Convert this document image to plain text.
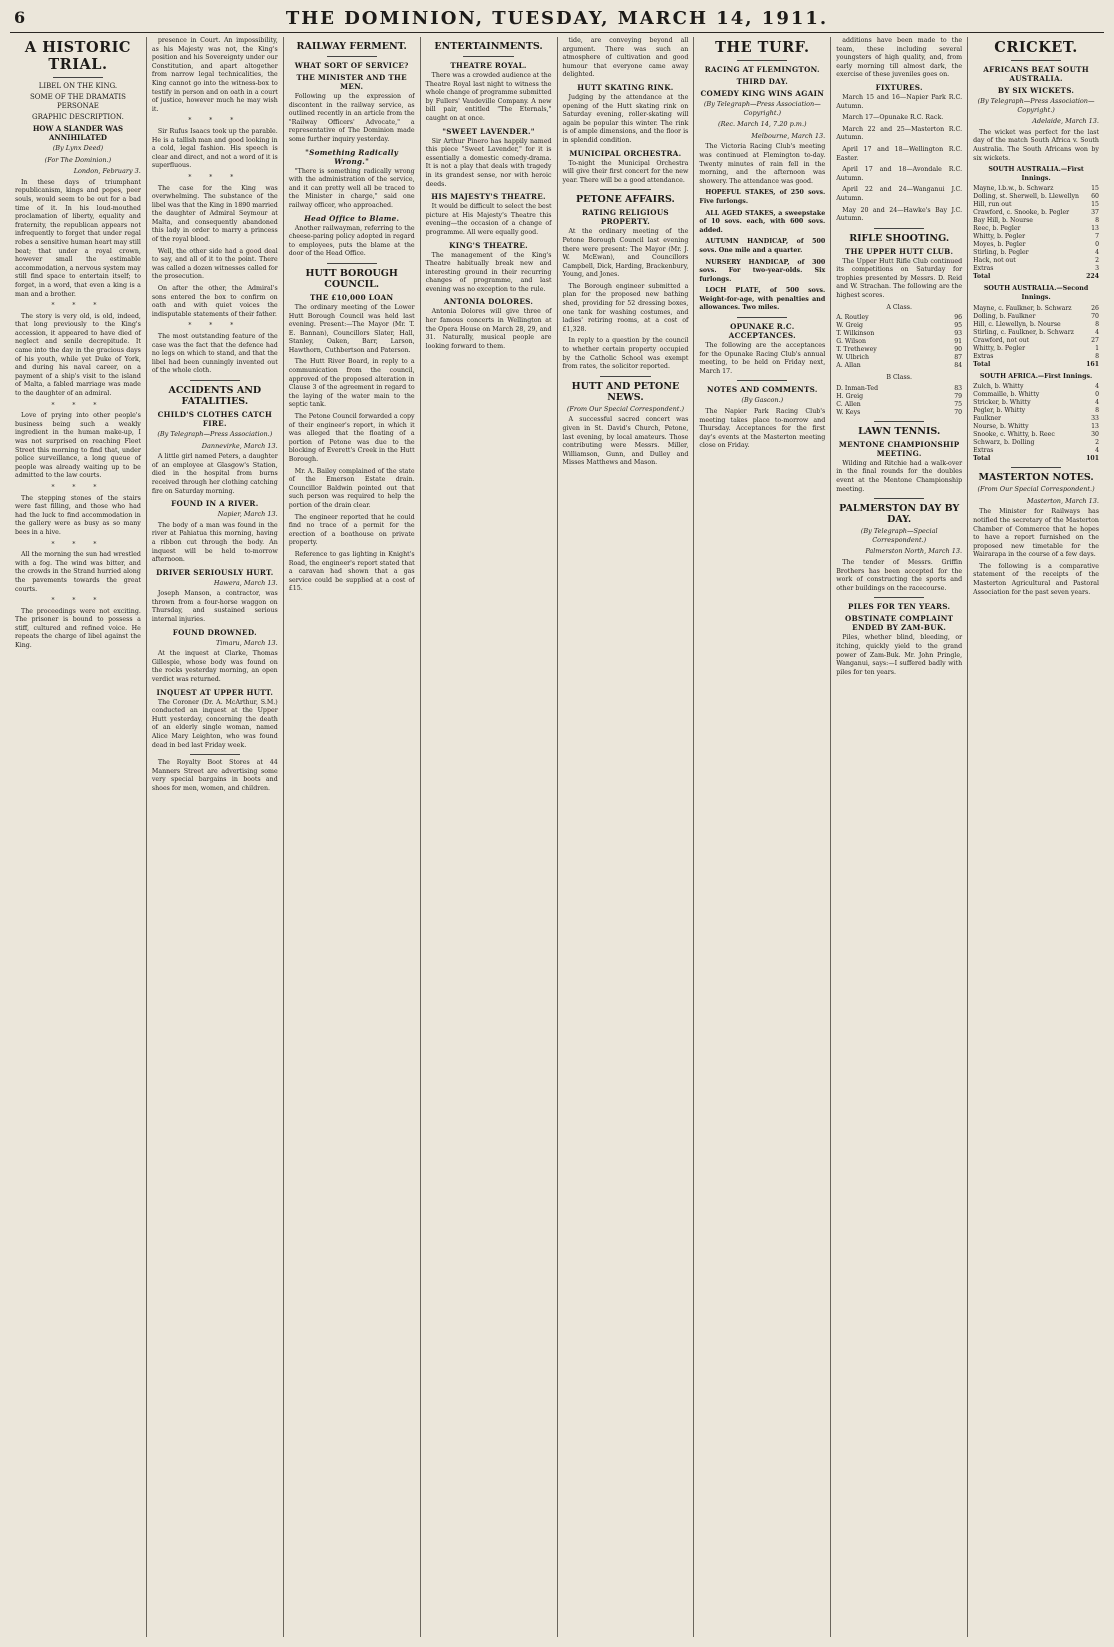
6	THE DOMINION, TUESDAY, MARCH 14, 1911.
A HISTORIC TRIAL.
LIBEL ON THE KING.
SOME OF THE DRAMATIS PERSONAE
GRAPHIC DESCRIPTION.
HOW A SLANDER WAS ANNIHILATED
(By Lynx Deed)
(For The Dominion.)
London, February 3.

In these days of triumphant republicanism, kings and popes, peer souls, would seem to be out for a bad time of it. In his loud-mouthed proclamation of liberty, equality and fraternity, the republican appears not infrequently to forget that under regal robes a sensitive human heart may still beat; that under a royal crown, however small the estimable accommodation, a nervous system may still find space to entertain itself; to forget, in a word, that even a king is a man and a brother.

* * *

The story is very old, is old, indeed, that long previously to the King's accession, it appeared to have died of neglect and senile decrepitude. It came into the day in the gracious days of his youth, while yet Duke of York, and during his naval career, on a payment of a ship's visit to the island of Malta, a fabled marriage was made to the daughter of an admiral.

* * *

Love of prying into other people's business being such a weakly ingredient in the human make-up, I was not surprised on reaching Fleet Street this morning to find that, under police surveillance, a long queue of people was already waiting up to be admitted to the law courts.

* * *

The stepping stones of the stairs were fast filling, and those who had had the luck to find accommodation in the gallery were as busy as so many bees in a hive.

* * *

All the morning the sun had wrestled with a fog. The wind was bitter, and the crowds in the Strand hurried along the pavements towards the great courts.

* * *

The proceedings were not exciting. The prisoner is bound to possess a stiff, cultured and refined voice. He repeats the charge of libel against the King.

presence in Court. An impossibility, as his Majesty was not, the King's position and his Sovereignty under our Constitution, and apart altogether from narrow legal technicalities, the King cannot go into the witness-box to testify in person and on oath in a court of justice, however much he may wish it.

* * *

Sir Rufus Isaacs took up the parable. He is a tallish man and good looking in a cold, legal fashion. His speech is clear and direct, and not a word of it is superfluous.

* * *

The case for the King was overwhelming. The substance of the libel was that the King in 1890 married the daughter of Admiral Seymour at Malta, and consequently abandoned this lady in order to marry a princess of the royal blood.

Well, the other side had a good deal to say, and all of it to the point. There was called a dozen witnesses called for the prosecution.

On after the other, the Admiral's sons entered the box to confirm on oath and with quiet voices the indisputable statements of their father.

* * *

The most outstanding feature of the case was the fact that the defence had no legs on which to stand, and that the libel had been cunningly invented out of the whole cloth.

ACCIDENTS AND FATALITIES.
CHILD'S CLOTHES CATCH FIRE.
(By Telegraph—Press Association.)
Dannevirke, March 13.

A little girl named Peters, a daughter of an employee at Glasgow's Station, died in the hospital from burns received through her clothing catching fire on Saturday morning.

FOUND IN A RIVER.
Napier, March 13.

The body of a man was found in the river at Pahiatua this morning, having a ribbon cut through the body. An inquest will be held to-morrow afternoon.

DRIVER SERIOUSLY HURT.
Hawera, March 13.

Joseph Manson, a contractor, was thrown from a four-horse waggon on Thursday, and sustained serious internal injuries.

FOUND DROWNED.
Timaru, March 13.

At the inquest at Clarke, Thomas Gillespie, whose body was found on the rocks yesterday morning, an open verdict was returned.

INQUEST AT UPPER HUTT.

The Coroner (Dr. A. McArthur, S.M.) conducted an inquest at the Upper Hutt yesterday, concerning the death of an elderly single woman, named Alice Mary Leighton, who was found dead in bed last Friday week.

The Royalty Boot Stores at 44 Manners Street are advertising some very special bargains in boots and shoes for men, women, and children.

RAILWAY FERMENT.
WHAT SORT OF SERVICE?
THE MINISTER AND THE MEN.

Following up the expression of discontent in the railway service, as outlined recently in an article from the "Railway Officers' Advocate," a representative of The Dominion made some further inquiry yesterday.

"Something Radically Wrong."

"There is something radically wrong with the administration of the service, and it can pretty well all be traced to the Minister in charge," said one railway officer, who approached.

Head Office to Blame.

Another railwayman, referring to the cheese-paring policy adopted in regard to employees, puts the blame at the door of the Head Office.

HUTT BOROUGH COUNCIL.
THE £10,000 LOAN

The ordinary meeting of the Lower Hutt Borough Council was held last evening. Present:—The Mayor (Mr. T. E. Bannan), Councillors Slater, Hall, Stanley, Oaken, Barr, Larson, Hawthorn, Cuthbertson and Paterson.

The Hutt River Board, in reply to a communication from the council, approved of the proposed alteration in Clause 3 of the agreement in regard to the laying of the water main to the septic tank.

The Petone Council forwarded a copy of their engineer's report, in which it was alleged that the floating of a portion of Petone was due to the blocking of Everett's Creek in the Hutt Borough.

Mr. A. Bailey complained of the state of the Emerson Estate drain. Councillor Baldwin pointed out that such person was required to help the portion of the drain clear.

The engineer reported that he could find no trace of a permit for the erection of a boathouse on private property.

Reference to gas lighting in Knight's Road, the engineer's report stated that a caravan had shown that a gas service could be supplied at a cost of £15.

ENTERTAINMENTS.
THEATRE ROYAL.

There was a crowded audience at the Theatre Royal last night to witness the whole change of programme submitted by Fullers' Vaudeville Company. A new bill pair, entitled "The Eternals," caught on at once.

"SWEET LAVENDER."

Sir Arthur Pinero has happily named this piece "Sweet Lavender," for it is essentially a domestic comedy-drama. It is not a play that deals with tragedy in its grandest sense, nor with heroic deeds.

HIS MAJESTY'S THEATRE.

It would be difficult to select the best picture at His Majesty's Theatre this evening—the occasion of a change of programme. All were equally good.

KING'S THEATRE.

The management of the King's Theatre habitually break new and interesting ground in their recurring changes of programme, and last evening was no exception to the rule.

ANTONIA DOLORES.

Antonia Dolores will give three of her famous concerts in Wellington at the Opera House on March 28, 29, and 31. Naturally, musical people are looking forward to them.

tide, are conveying beyond all argument. There was such an atmosphere of cultivation and good humour that everyone came away delighted.

HUTT SKATING RINK.

Judging by the attendance at the opening of the Hutt skating rink on Saturday evening, roller-skating will again be popular this winter. The rink is of ample dimensions, and the floor is in splendid condition.

MUNICIPAL ORCHESTRA.

To-night the Municipal Orchestra will give their first concert for the new year. There will be a good attendance.

PETONE AFFAIRS.
RATING RELIGIOUS PROPERTY.

At the ordinary meeting of the Petone Borough Council last evening there were present: The Mayor (Mr. J. W. McEwan), and Councillors Campbell, Dick, Harding, Brackenbury, Young, and Jones.

The Borough engineer submitted a plan for the proposed new bathing shed, providing for 52 dressing boxes, one tank for washing costumes, and ladies' retiring rooms, at a cost of £1,328.

In reply to a question by the council to whether certain property occupied by the Catholic School was exempt from rates, the solicitor reported.

HUTT AND PETONE NEWS.
(From Our Special Correspondent.)

A successful sacred concert was given in St. David's Church, Petone, last evening, by local amateurs. Those contributing were Messrs. Miller, Williamson, Gunn, and Dulley and Misses Matthews and Mason.

THE TURF.
RACING AT FLEMINGTON.
THIRD DAY.
COMEDY KING WINS AGAIN
(By Telegraph—Press Association—Copyright.)
(Rec. March 14, 7.20 p.m.)
Melbourne, March 13.

The Victoria Racing Club's meeting was continued at Flemington to-day. Twenty minutes of rain fell in the morning, and the afternoon was showery. The attendance was good.

HOPEFUL STAKES, of 250 sovs. Five furlongs.

ALL AGED STAKES, a sweepstake of 10 sovs. each, with 600 sovs. added.

AUTUMN HANDICAP, of 500 sovs. One mile and a quarter.

NURSERY HANDICAP, of 300 sovs. For two-year-olds. Six furlongs.

LOCH PLATE, of 500 sovs. Weight-for-age, with penalties and allowances. Two miles.

OPUNAKE R.C. ACCEPTANCES.

The following are the acceptances for the Opunake Racing Club's annual meeting, to be held on Friday next, March 17.

NOTES AND COMMENTS.
(By Gascon.)

The Napier Park Racing Club's meeting takes place to-morrow and Thursday. Acceptances for the first day's events at the Masterton meeting close on Friday.

additions have been made to the team, these including several youngsters of high quality, and, from early morning till almost dark, the exercise of these juveniles goes on.

FIXTURES.

March 15 and 16—Napier Park R.C. Autumn.

March 17—Opunake R.C. Rack.

March 22 and 25—Masterton R.C. Autumn.

April 17 and 18—Wellington R.C. Easter.

April 17 and 18—Avondale R.C. Autumn.

April 22 and 24—Wanganui J.C. Autumn.

May 20 and 24—Hawke's Bay J.C. Autumn.

RIFLE SHOOTING.
THE UPPER HUTT CLUB.

The Upper Hutt Rifle Club continued its competitions on Saturday for trophies presented by Messrs. D. Reid and W. Strachan. The following are the highest scores.

A Class.
A. Routley	96
W. Greig	95
T. Wilkinson	93
G. Wilson	91
T. Trethewey	90
W. Ulbrich	87
A. Allan	84
B Class.
D. Inman-Ted	83
H. Greig	79
C. Allen	75
W. Keys	70
LAWN TENNIS.
MENTONE CHAMPIONSHIP MEETING.

Wilding and Ritchie had a walk-over in the final rounds for the doubles event at the Mentone Championship meeting.

PALMERSTON DAY BY DAY.
(By Telegraph—Special Correspondent.)
Palmerston North, March 13.

The tender of Messrs. Griffin Brothers has been accepted for the work of constructing the sports and other buildings on the racecourse.

PILES FOR TEN YEARS.
OBSTINATE COMPLAINT ENDED BY ZAM-BUK.

Piles, whether blind, bleeding, or itching, quickly yield to the grand power of Zam-Buk. Mr. John Pringle, Wanganui, says:—I suffered badly with piles for ten years.

CRICKET.
AFRICANS BEAT SOUTH AUSTRALIA.
BY SIX WICKETS.
(By Telegraph—Press Association—Copyright.)
Adelaide, March 13.

The wicket was perfect for the last day of the match South Africa v. South Australia. The South Africans won by six wickets.

SOUTH AUSTRALIA.—First Innings.
Mayne, l.b.w., b. Schwarz	15
Dolling, st. Sherwell, b. Llewellyn	60
Hill, run out	15
Crawford, c. Snooke, b. Pegler	37
Bay Hill, b. Nourse	8
Reec, b. Pegler	13
Whitty, b. Pegler	7
Moyes, b. Pegler	0
Stirling, b. Pegler	4
Hack, not out	2
Extras	3
Total	224
SOUTH AUSTRALIA.—Second Innings.
Mayne, c. Faulkner, b. Schwarz	26
Dolling, b. Faulkner	70
Hill, c. Llewellyn, b. Nourse	8
Stirling, c. Faulkner, b. Schwarz	4
Crawford, not out	27
Whitty, b. Pegler	1
Extras	8
Total	161
SOUTH AFRICA.—First Innings.
Zulch, b. Whitty	4
Commaille, b. Whitty	0
Stricker, b. Whitty	4
Pegler, b. Whitty	8
Faulkner	33
Nourse, b. Whitty	13
Snooke, c. Whitty, b. Reec	30
Schwarz, b. Dolling	2
Extras	4
Total	101
MASTERTON NOTES.
(From Our Special Correspondent.)
Masterton, March 13.

The Minister for Railways has notified the secretary of the Masterton Chamber of Commerce that he hopes to have a report furnished on the proposed new timetable for the Wairarapa in the course of a few days.

The following is a comparative statement of the receipts of the Masterton Agricultural and Pastoral Association for the past seven years.
